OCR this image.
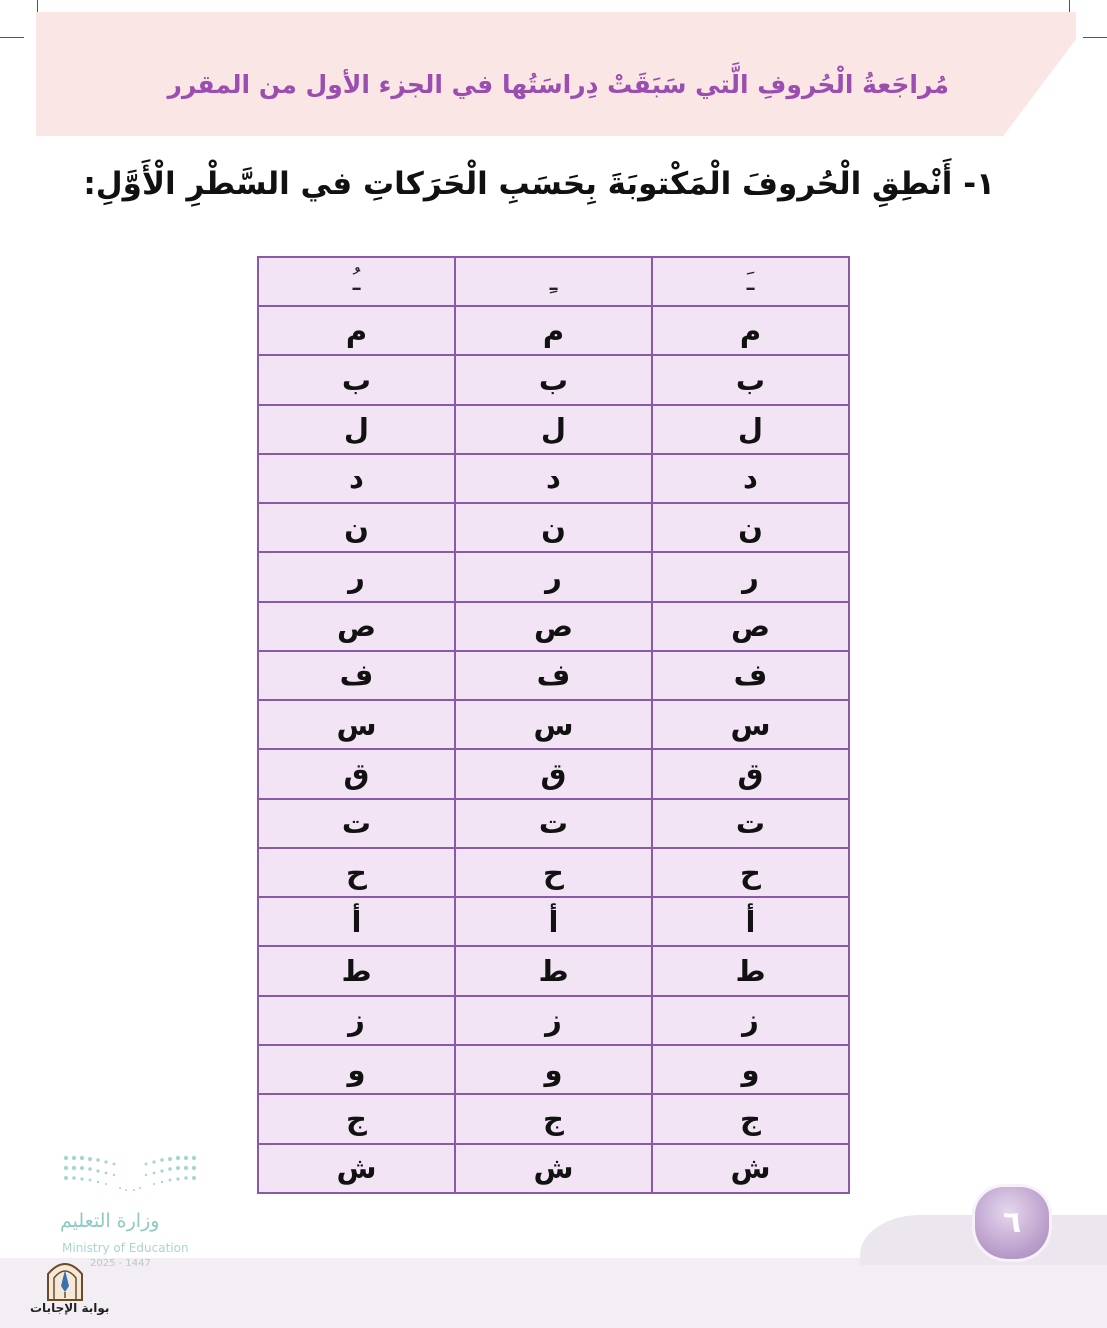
مُراجَعةُ الْحُروفِ الَّتي سَبَقَتْ دِراسَتُها في الجزء الأول من المقرر
١- أَنْطِقِ الْحُروفَ الْمَكْتوبَةَ بِحَسَبِ الْحَرَكاتِ في السَّطْرِ الْأَوَّلِ:
ـَ	ـِ	ـُ
م	م	م
ب	ب	ب
ل	ل	ل
د	د	د
ن	ن	ن
ر	ر	ر
ص	ص	ص
ف	ف	ف
س	س	س
ق	ق	ق
ت	ت	ت
ح	ح	ح
أ	أ	أ
ط	ط	ط
ز	ز	ز
و	و	و
ج	ج	ج
ش	ش	ش
٦
وزارة التعليم
Ministry of Education
2025 - 1447
بوابة الإجابات
